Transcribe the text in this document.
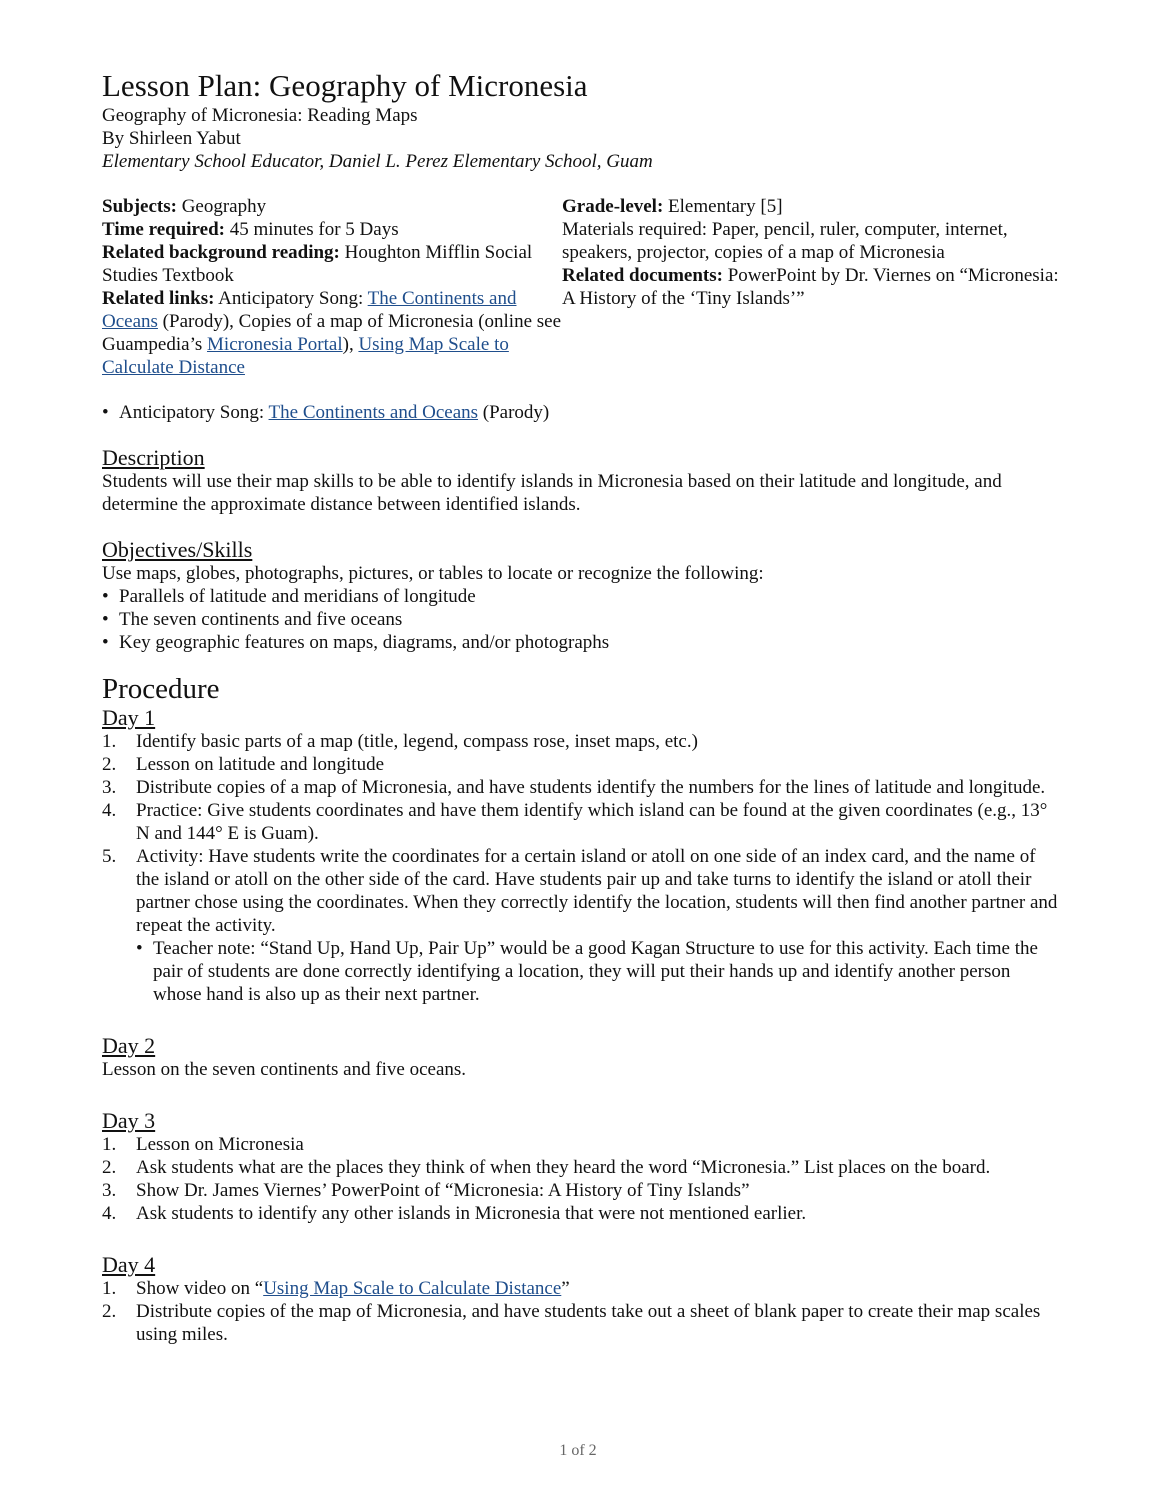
Lesson Plan: Geography of Micronesia
Geography of Micronesia: Reading Maps
By Shirleen Yabut
Elementary School Educator, Daniel L. Perez Elementary School, Guam
Subjects: Geography
Time required: 45 minutes for 5 Days
Related background reading: Houghton Mifflin Social Studies Textbook
Related links: Anticipatory Song: The Continents and Oceans (Parody), Copies of a map of Micronesia (online see Guampedia’s Micronesia Portal), Using Map Scale to Calculate Distance
Grade-level: Elementary [5]
Materials required: Paper, pencil, ruler, computer, internet, speakers, projector, copies of a map of Micronesia
Related documents: PowerPoint by Dr. Viernes on “Micronesia: A History of the ‘Tiny Islands’”
• Anticipatory Song: The Continents and Oceans (Parody)
Description
Students will use their map skills to be able to identify islands in Micronesia based on their latitude and longitude, and determine the approximate distance between identified islands.
Objectives/Skills
Use maps, globes, photographs, pictures, or tables to locate or recognize the following:
• Parallels of latitude and meridians of longitude
• The seven continents and five oceans
• Key geographic features on maps, diagrams, and/or photographs
Procedure
Day 1
1.	Identify basic parts of a map (title, legend, compass rose, inset maps, etc.)
2.	Lesson on latitude and longitude
3.	Distribute copies of a map of Micronesia, and have students identify the numbers for the lines of latitude and longitude.
4.	Practice: Give students coordinates and have them identify which island can be found at the given coordinates (e.g., 13° N and 144° E is Guam).
5.	Activity: Have students write the coordinates for a certain island or atoll on one side of an index card, and the name of the island or atoll on the other side of the card. Have students pair up and take turns to identify the island or atoll their partner chose using the coordinates. When they correctly identify the location, students will then find another partner and repeat the activity.
• Teacher note: “Stand Up, Hand Up, Pair Up” would be a good Kagan Structure to use for this activity. Each time the pair of students are done correctly identifying a location, they will put their hands up and identify another person whose hand is also up as their next partner.
Day 2
Lesson on the seven continents and five oceans.
Day 3
1.	Lesson on Micronesia
2.	Ask students what are the places they think of when they heard the word “Micronesia.” List places on the board.
3.	Show Dr. James Viernes’ PowerPoint of “Micronesia: A History of Tiny Islands”
4.	Ask students to identify any other islands in Micronesia that were not mentioned earlier.
Day 4
1.	Show video on “Using Map Scale to Calculate Distance”
2.	Distribute copies of the map of Micronesia, and have students take out a sheet of blank paper to create their map scales using miles.
1 of 2
